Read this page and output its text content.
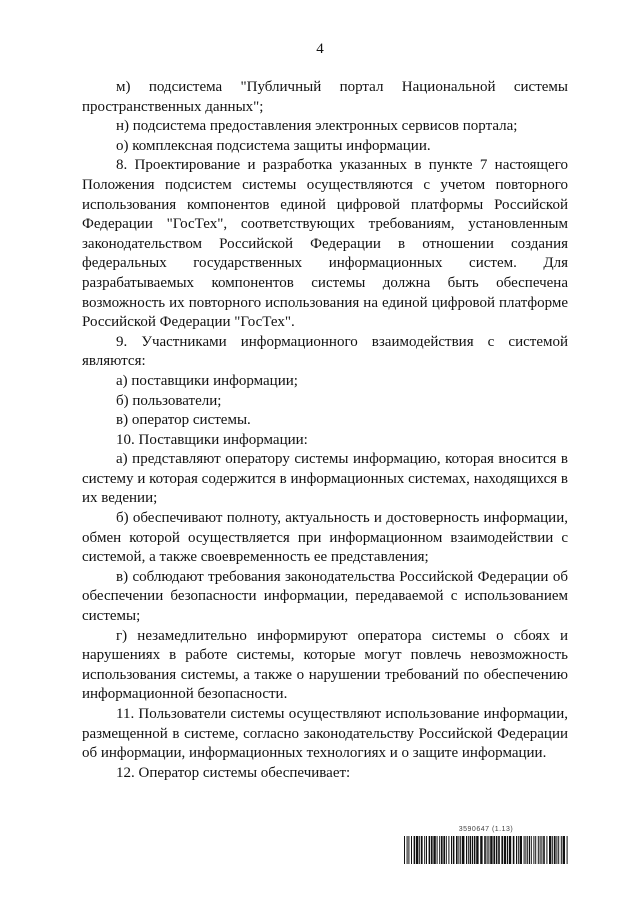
4

м) подсистема "Публичный портал Национальной системы пространственных данных";

н) подсистема предоставления электронных сервисов портала;

о) комплексная подсистема защиты информации.

8. Проектирование и разработка указанных в пункте 7 настоящего Положения подсистем системы осуществляются с учетом повторного использования компонентов единой цифровой платформы Российской Федерации "ГосТех", соответствующих требованиям, установленным законодательством Российской Федерации в отношении создания федеральных государственных информационных систем. Для разрабатываемых компонентов системы должна быть обеспечена возможность их повторного использования на единой цифровой платформе Российской Федерации "ГосТех".

9. Участниками информационного взаимодействия с системой являются:

а) поставщики информации;

б) пользователи;

в) оператор системы.

10. Поставщики информации:

а) представляют оператору системы информацию, которая вносится в систему и которая содержится в информационных системах, находящихся в их ведении;

б) обеспечивают полноту, актуальность и достоверность информации, обмен которой осуществляется при информационном взаимодействии с системой, а также своевременность ее представления;

в) соблюдают требования законодательства Российской Федерации об обеспечении безопасности информации, передаваемой с использованием системы;

г) незамедлительно информируют оператора системы о сбоях и нарушениях в работе системы, которые могут повлечь невозможность использования системы, а также о нарушении требований по обеспечению информационной безопасности.

11. Пользователи системы осуществляют использование информации, размещенной в системе, согласно законодательству Российской Федерации об информации, информационных технологиях и о защите информации.

12. Оператор системы обеспечивает:

3590647 (1.13)
